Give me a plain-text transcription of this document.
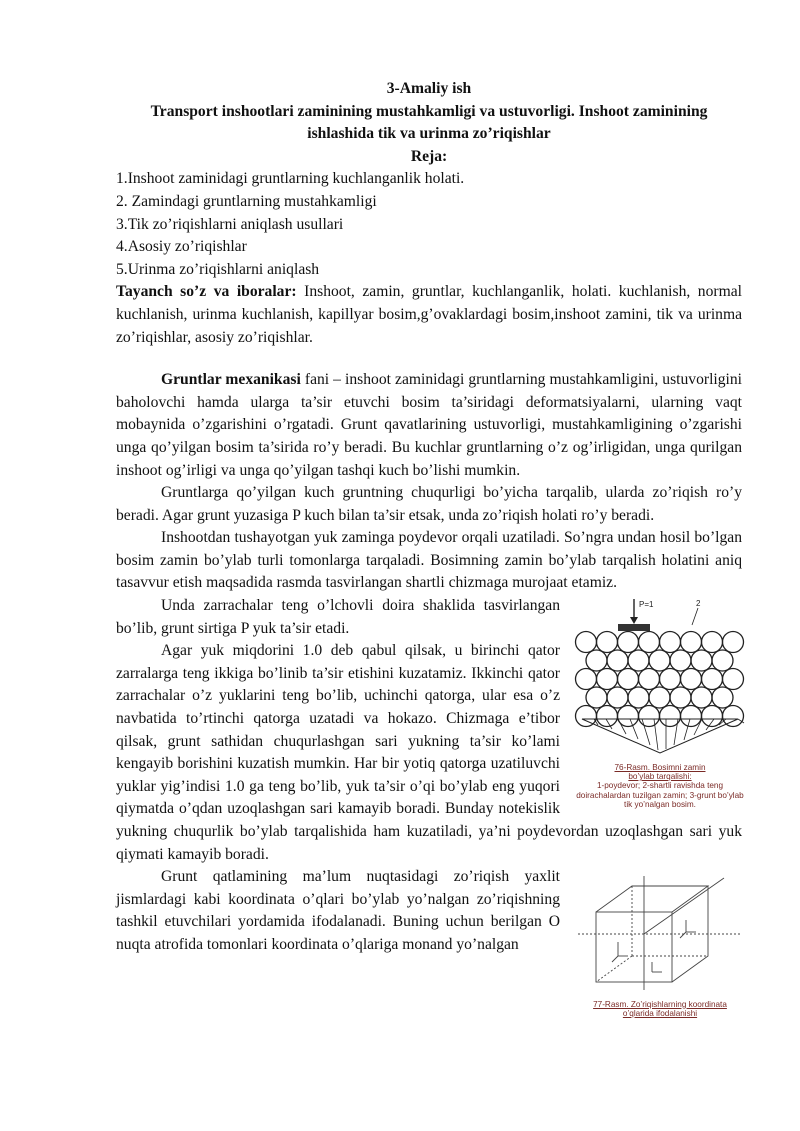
3-Amaliy ish
Transport inshootlari zaminining mustahkamligi va ustuvorligi. Inshoot zaminining ishlashida tik va urinma zo’riqishlar
Reja:
1.Inshoot zaminidagi gruntlarning kuchlanganlik holati.
2. Zamindagi gruntlarning mustahkamligi
3.Tik zo’riqishlarni aniqlash usullari
4.Asosiy zo’riqishlar
5.Urinma zo’riqishlarni aniqlash

Tayanch so’z va iboralar: Inshoot, zamin, gruntlar, kuchlanganlik, holati. kuchlanish, normal kuchlanish, urinma kuchlanish, kapillyar bosim,g’ovaklardagi bosim,inshoot zamini, tik va urinma zo’riqishlar, asosiy zo’riqishlar.

Gruntlar mexanikasi fani – inshoot zaminidagi gruntlarning mustahkamligini, ustuvorligini baholovchi hamda ularga ta’sir etuvchi bosim ta’siridagi deformatsiyalarni, ularning vaqt mobaynida o’zgarishini o’rgatadi. Grunt qavatlarining ustuvorligi, mustahkamligining o’zgarishi unga qo’yilgan bosim ta’sirida ro’y beradi. Bu kuchlar gruntlarning o’z og’irligidan, unga qurilgan inshoot og’irligi va unga qo’yilgan tashqi kuch bo’lishi mumkin.

Gruntlarga qo’yilgan kuch gruntning chuqurligi bo’yicha tarqalib, ularda zo’riqish ro’y beradi. Agar grunt yuzasiga P kuch bilan ta’sir etsak, unda zo’riqish holati ro’y beradi.

Inshootdan tushayotgan yuk zaminga poydevor orqali uzatiladi. So’ngra undan hosil bo’lgan bosim zamin bo’ylab turli tomonlarga tarqaladi. Bosimning zamin bo’ylab tarqalish holatini aniq tasavvur etish maqsadida rasmda tasvirlangan shartli chizmaga murojaat etamiz.

P=1	2
76-Rasm. Bosimni zamin
bo’ylab tarqalishi:
1-poydevor; 2-shartli ravishda teng doirachalardan tuzilgan zamin; 3-grunt bo’ylab tik yo’nalgan bosim.

Unda zarrachalar teng o’lchovli doira shaklida tasvirlangan bo’lib, grunt sirtiga P yuk ta’sir etadi.

Agar yuk miqdorini 1.0 deb qabul qilsak, u birinchi qator zarralarga teng ikkiga bo’linib ta’sir etishini kuzatamiz. Ikkinchi qator zarrachalar o’z yuklarini teng bo’lib, uchinchi qatorga, ular esa o’z navbatida to’rtinchi qatorga uzatadi va hokazo. Chizmaga e’tibor qilsak, grunt sathidan chuqurlashgan sari yukning ta’sir ko’lami kengayib borishini kuzatish mumkin. Har bir yotiq qatorga uzatiluvchi yuklar yig’indisi 1.0 ga teng bo’lib, yuk ta’sir o’qi bo’ylab eng yuqori qiymatda o’qdan uzoqlashgan sari kamayib boradi. Bunday notekislik yukning chuqurlik bo’ylab tarqalishida ham kuzatiladi, ya’ni poydevordan uzoqlashgan sari yuk qiymati kamayib boradi.

77-Rasm. Zo’riqishlarning koordinata
o’qlarida ifodalanishi

Grunt qatlamining ma’lum nuqtasidagi zo’riqish yaxlit jismlardagi kabi koordinata o’qlari bo’ylab yo’nalgan zo’riqishning tashkil etuvchilari yordamida ifodalanadi. Buning uchun berilgan O nuqta atrofida tomonlari koordinata o’qlariga monand yo’nalgan
